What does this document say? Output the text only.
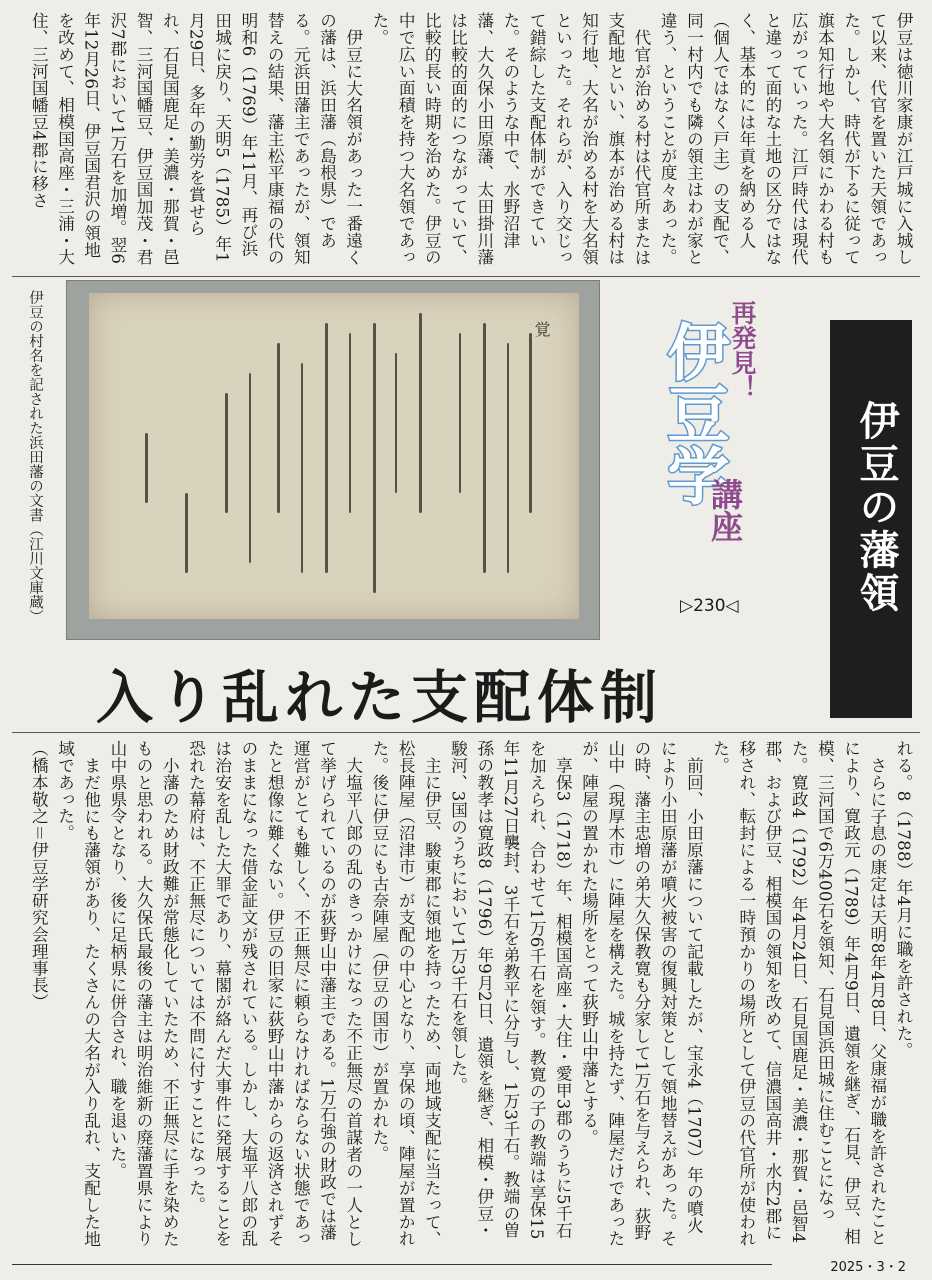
伊豆は徳川家康が江戸城に入城して以来、代官を置いた天領であった。しかし、時代が下るに従って旗本知行地や大名領にかわる村も広がっていった。江戸時代は現代と違って面的な土地の区分ではなく、基本的には年貢を納める人（個人ではなく戸主）の支配で、同一村内でも隣の領主はわが家と違う、ということが度々あった。

代官が治める村は代官所または支配地といい、旗本が治める村は知行地、大名が治める村を大名領といった。それらが、入り交じって錯綜した支配体制ができていた。そのような中で、水野沼津藩、大久保小田原藩、太田掛川藩は比較的面的につながっていて、比較的長い時期を治めた。伊豆の中で広い面積を持つ大名領であった。

伊豆に大名領があった一番遠くの藩は、浜田藩（島根県）である。元浜田藩主であったが、領知替えの結果、藩主松平康福の代の明和6（1769）年11月、再び浜田城に戻り、天明5（1785）年1月29日、多年の勤労を賞せられ、石見国鹿足・美濃・那賀・邑智、三河国幡豆、伊豆国加茂・君沢7郡において1万石を加増。翌6年12月26日、伊豆国君沢の領地を改めて、相模国高座・三浦・大住、三河国幡豆4郡に移さ

伊豆の村名を記された浜田藩の文書（江川文庫蔵）	覚	再発見！
伊豆学
講座
▷230◁	伊豆の藩領
入り乱れた支配体制

れる。8（1788）年4月に職を許された。

さらに子息の康定は天明8年4月8日、父康福が職を許されたことにより、寛政元（1789）年4月9日、遺領を継ぎ、石見、伊豆、相模、三河国で6万400石を領知、石見国浜田城に住むことになった。寛政4（1792）年4月24日、石見国鹿足・美濃・那賀・邑智4郡、および伊豆、相模国の領知を改めて、信濃国高井・水内2郡に移され、転封による一時預かりの場所として伊豆の代官所が使われた。

前回、小田原藩について記載したが、宝永4（1707）年の噴火により小田原藩が噴火被害の復興対策として領地替えがあった。その時、藩主忠増の弟大久保教寛も分家して1万石を与えられ、荻野山中（現厚木市）に陣屋を構えた。城を持たず、陣屋だけであったが、陣屋の置かれた場所をとって荻野山中藩とする。

享保3（1718）年、相模国高座・大住・愛甲3郡のうちに5千石を加えられ、合わせて1万6千石を領す。教寛の子の教端は享保15年11月27日襲封、3千石を弟教平に分与し、1万3千石。教端の曽孫の教孝は寛政8（1796）年9月2日、遺領を継ぎ、相模・伊豆・駿河、3国のうちにおいて1万3千石を領した。

主に伊豆、駿東郡に領地を持ったため、両地域支配に当たって、松長陣屋（沼津市）が支配の中心となり、享保の頃、陣屋が置かれた。後に伊豆にも古奈陣屋（伊豆の国市）が置かれた。

大塩平八郎の乱のきっかけになった不正無尽の首謀者の一人として挙げられているのが荻野山中藩主である。1万石強の財政では藩運営がとても難しく、不正無尽に頼らなければならない状態であったと想像に難くない。伊豆の旧家に荻野山中藩からの返済されずそのままになった借金証文が残されている。しかし、大塩平八郎の乱は治安を乱した大罪であり、幕閣が絡んだ大事件に発展することを恐れた幕府は、不正無尽については不問に付すことになった。

小藩のため財政難が常態化していたため、不正無尽に手を染めたものと思われる。大久保氏最後の藩主は明治維新の廃藩置県により山中県県令となり、後に足柄県に併合され、職を退いた。

まだ他にも藩領があり、たくさんの大名が入り乱れ、支配した地域であった。

（橋本敬之＝伊豆学研究会理事長）

2025・3・2
